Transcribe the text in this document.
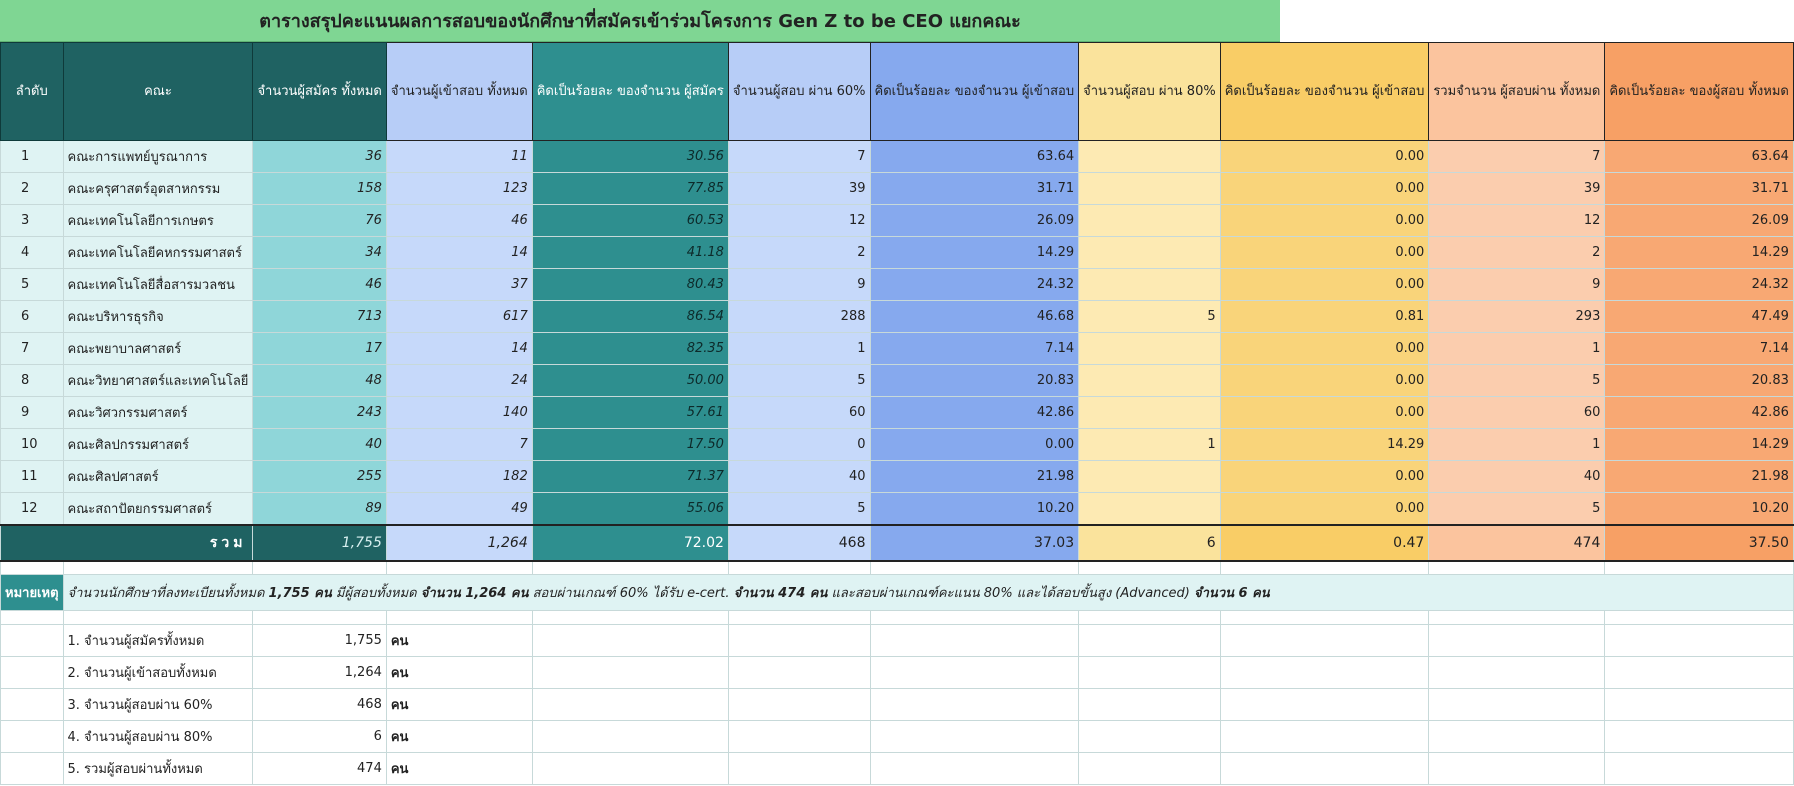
ตารางสรุปคะแนนผลการสอบของนักศึกษาที่สมัครเข้าร่วมโครงการ Gen Z to be CEO แยกคณะ
ลำดับ	คณะ	จำนวนผู้สมัคร ทั้งหมด	จำนวนผู้เข้าสอบ ทั้งหมด	คิดเป็นร้อยละ ของจำนวน ผู้สมัคร	จำนวนผู้สอบ ผ่าน 60%	คิดเป็นร้อยละ ของจำนวน ผู้เข้าสอบ	จำนวนผู้สอบ ผ่าน 80%	คิดเป็นร้อยละ ของจำนวน ผู้เข้าสอบ	รวมจำนวน ผู้สอบผ่าน ทั้งหมด	คิดเป็นร้อยละ ของผู้สอบ ทั้งหมด
1	คณะการแพทย์บูรณาการ	36	11	30.56	7	63.64		0.00	7	63.64
2	คณะครุศาสตร์อุตสาหกรรม	158	123	77.85	39	31.71		0.00	39	31.71
3	คณะเทคโนโลยีการเกษตร	76	46	60.53	12	26.09		0.00	12	26.09
4	คณะเทคโนโลยีคหกรรมศาสตร์	34	14	41.18	2	14.29		0.00	2	14.29
5	คณะเทคโนโลยีสื่อสารมวลชน	46	37	80.43	9	24.32		0.00	9	24.32
6	คณะบริหารธุรกิจ	713	617	86.54	288	46.68	5	0.81	293	47.49
7	คณะพยาบาลศาสตร์	17	14	82.35	1	7.14		0.00	1	7.14
8	คณะวิทยาศาสตร์และเทคโนโลยี	48	24	50.00	5	20.83		0.00	5	20.83
9	คณะวิศวกรรมศาสตร์	243	140	57.61	60	42.86		0.00	60	42.86
10	คณะศิลปกรรมศาสตร์	40	7	17.50	0	0.00	1	14.29	1	14.29
11	คณะศิลปศาสตร์	255	182	71.37	40	21.98		0.00	40	21.98
12	คณะสถาปัตยกรรมศาสตร์	89	49	55.06	5	10.20		0.00	5	10.20
รวม		1,755	1,264	72.02	468	37.03	6	0.47	474	37.50

หมายเหตุ	จำนวนนักศึกษาที่ลงทะเบียนทั้งหมด 1,755 คน มีผู้สอบทั้งหมด จำนวน 1,264 คน สอบผ่านเกณฑ์ 60% ได้รับ e-cert. จำนวน 474 คน และสอบผ่านเกณฑ์คะแนน 80% และได้สอบขั้นสูง (Advanced) จำนวน 6 คน									

	1. จำนวนผู้สมัครทั้งหมด	1,755	คน							
	2. จำนวนผู้เข้าสอบทั้งหมด	1,264	คน							
	3. จำนวนผู้สอบผ่าน 60%	468	คน							
	4. จำนวนผู้สอบผ่าน 80%	6	คน							
	5. รวมผู้สอบผ่านทั้งหมด	474	คน							
